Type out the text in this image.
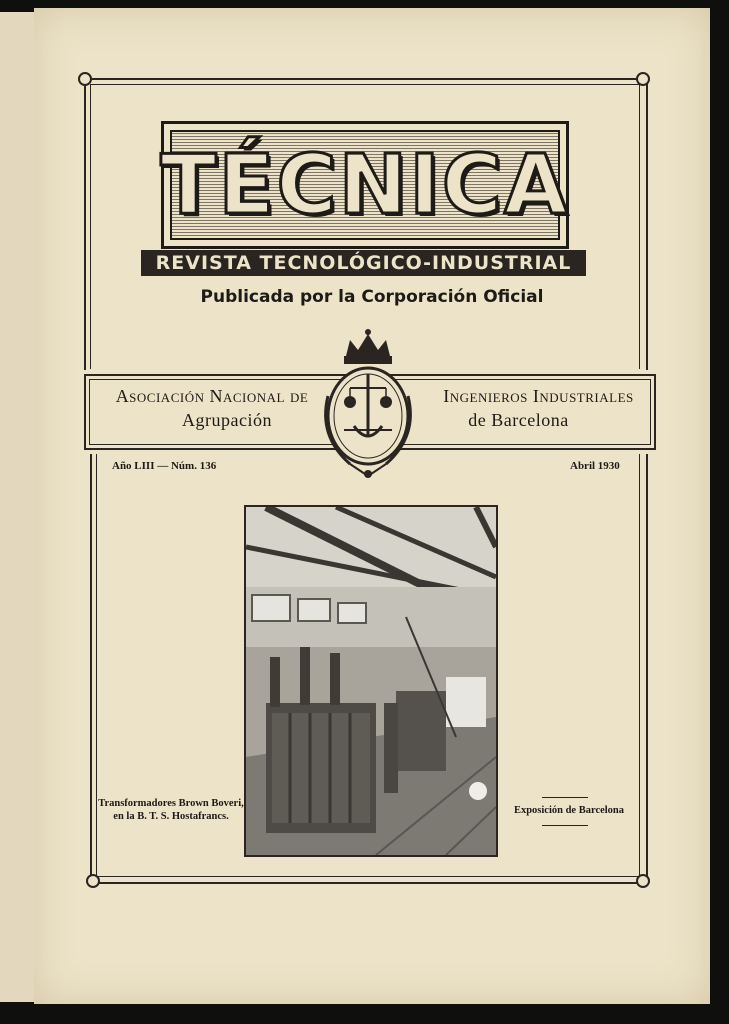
TÉCNICA
REVISTA TECNOLÓGICO-INDUSTRIAL
Publicada por la Corporación Oficial
Asociación Nacional de
Agrupación
Ingenieros Industriales
de Barcelona
Año LIII — Núm. 136	Abril 1930
Transformadores Brown Boveri, en la B. T. S. Hostafrancs.
Exposición de Barcelona
